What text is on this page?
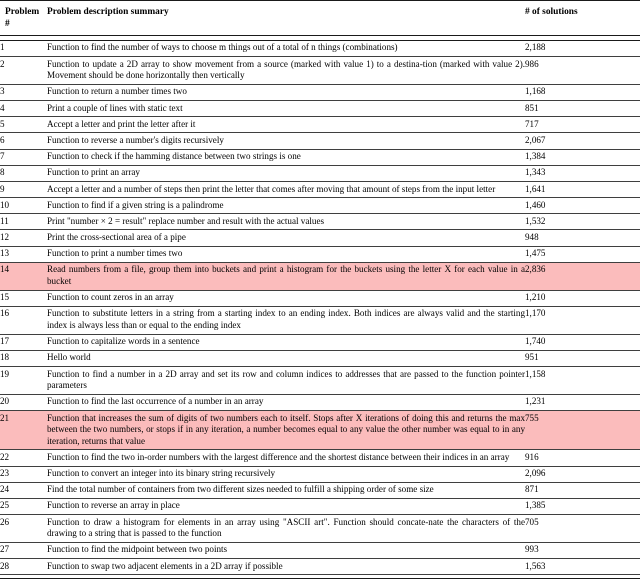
Problem
#	Problem description summary	# of solutions

1	Function to find the number of ways to choose m things out of a total of n things (combinations)	2,188
2	Function to update a 2D array to show movement from a source (marked with value 1) to a destina-tion (marked with value 2). Movement should be done horizontally then vertically	986
3	Function to return a number times two	1,168
4	Print a couple of lines with static text	851
5	Accept a letter and print the letter after it	717
6	Function to reverse a number's digits recursively	2,067
7	Function to check if the hamming distance between two strings is one	1,384
8	Function to print an array	1,343
9	Accept a letter and a number of steps then print the letter that comes after moving that amount of steps from the input letter	1,641
10	Function to find if a given string is a palindrome	1,460
11	Print "number × 2 = result" replace number and result with the actual values	1,532
12	Print the cross-sectional area of a pipe	948
13	Function to print a number times two	1,475
14	Read numbers from a file, group them into buckets and print a histogram for the buckets using the letter X for each value in a bucket	2,836
15	Function to count zeros in an array	1,210
16	Function to substitute letters in a string from a starting index to an ending index. Both indices are always valid and the starting index is always less than or equal to the ending index	1,170
17	Function to capitalize words in a sentence	1,740
18	Hello world	951
19	Function to find a number in a 2D array and set its row and column indices to addresses that are passed to the function pointer parameters	1,158
20	Function to find the last occurrence of a number in an array	1,231
21	Function that increases the sum of digits of two numbers each to itself. Stops after X iterations of doing this and returns the max between the two numbers, or stops if in any iteration, a number becomes equal to any value the other number was equal to in any iteration, returns that value	755
22	Function to find the two in-order numbers with the largest difference and the shortest distance between their indices in an array	916
23	Function to convert an integer into its binary string recursively	2,096
24	Find the total number of containers from two different sizes needed to fulfill a shipping order of some size	871
25	Function to reverse an array in place	1,385
26	Function to draw a histogram for elements in an array using "ASCII art". Function should concate-nate the characters of the drawing to a string that is passed to the function	705
27	Function to find the midpoint between two points	993
28	Function to swap two adjacent elements in a 2D array if possible	1,563
